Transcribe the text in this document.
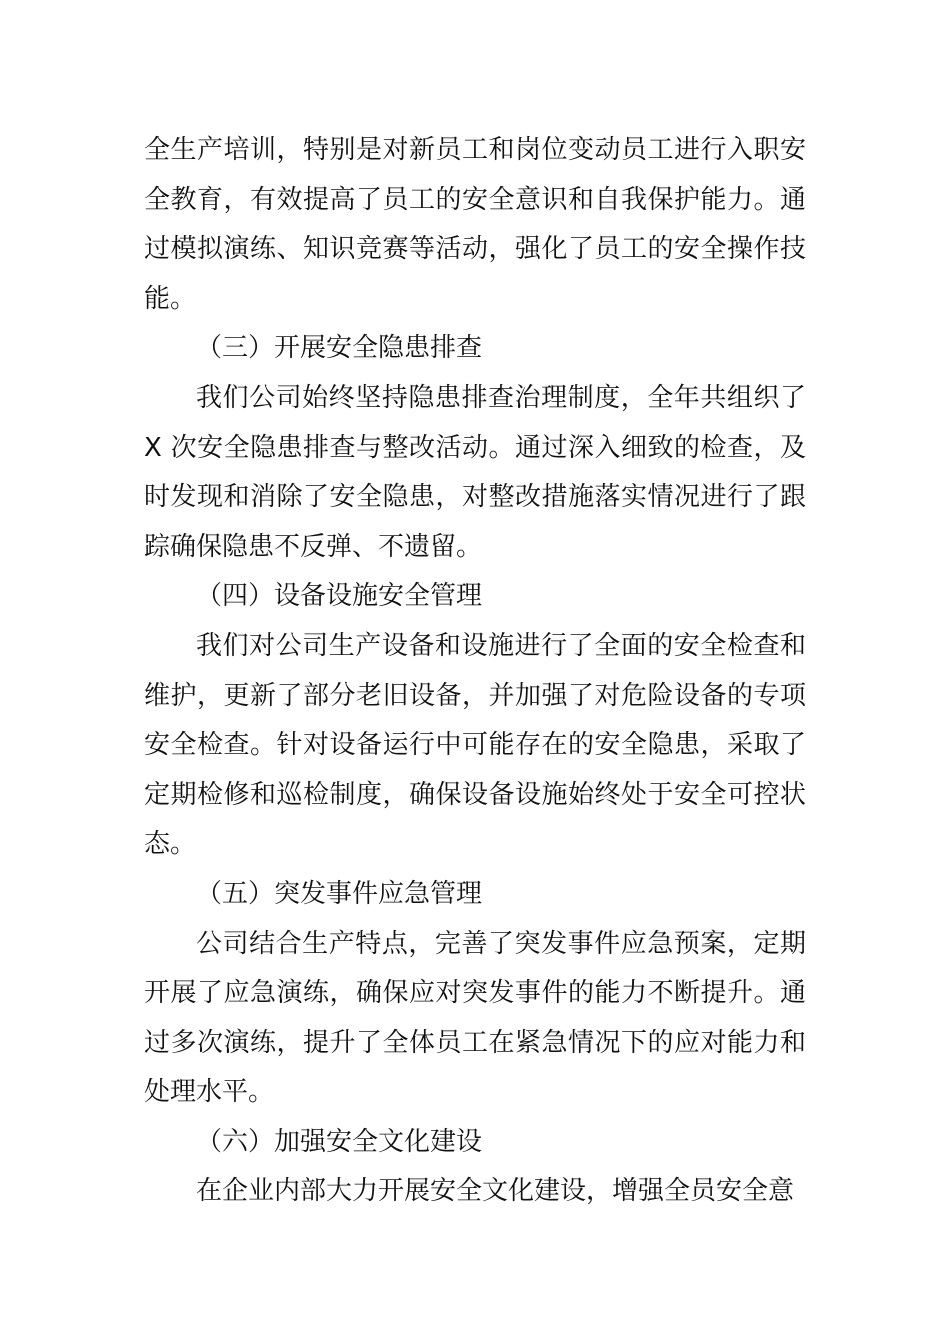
全生产培训，特别是对新员工和岗位变动员工进行入职安全教育，有效提高了员工的安全意识和自我保护能力。通过模拟演练、知识竞赛等活动，强化了员工的安全操作技能。

（三）开展安全隐患排查

我们公司始终坚持隐患排查治理制度，全年共组织了 X 次安全隐患排查与整改活动。通过深入细致的检查，及时发现和消除了安全隐患，对整改措施落实情况进行了跟踪确保隐患不反弹、不遗留。

（四）设备设施安全管理

我们对公司生产设备和设施进行了全面的安全检查和维护，更新了部分老旧设备，并加强了对危险设备的专项安全检查。针对设备运行中可能存在的安全隐患，采取了定期检修和巡检制度，确保设备设施始终处于安全可控状态。

（五）突发事件应急管理

公司结合生产特点，完善了突发事件应急预案，定期开展了应急演练，确保应对突发事件的能力不断提升。通过多次演练，提升了全体员工在紧急情况下的应对能力和处理水平。

（六）加强安全文化建设

在企业内部大力开展安全文化建设，增强全员安全意
